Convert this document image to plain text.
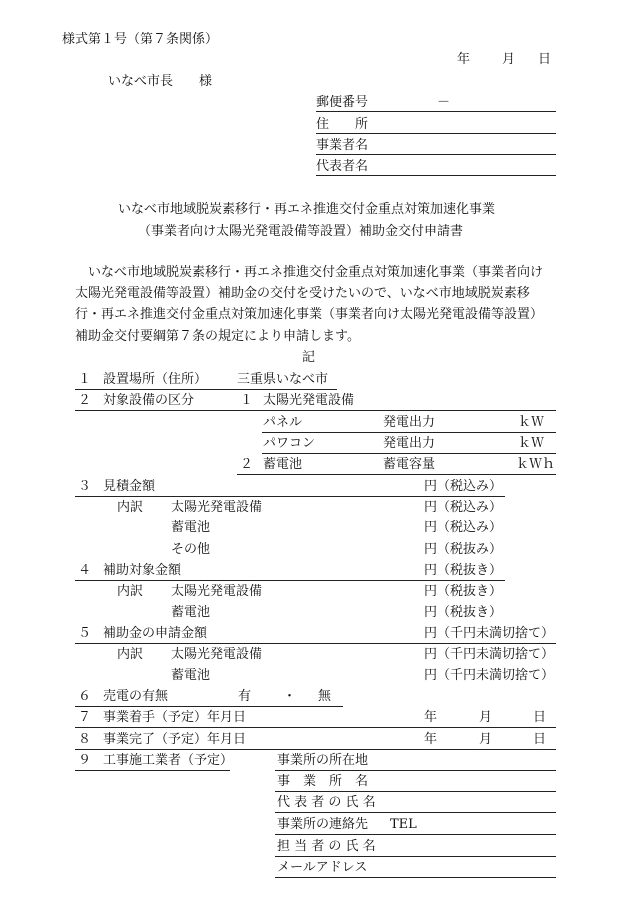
様式第１号（第７条関係）
年 月 日
いなべ市長　　様
郵便番号	－
住　　所
事業者名
代表者名
いなべ市地域脱炭素移行・再エネ推進交付金重点対策加速化事業
（事業者向け太陽光発電設備等設置）補助金交付申請書
　いなべ市地域脱炭素移行・再エネ推進交付金重点対策加速化事業（事業者向け
太陽光発電設備等設置）補助金の交付を受けたいので、いなべ市地域脱炭素移
行・再エネ推進交付金重点対策加速化事業（事業者向け太陽光発電設備等設置）
補助金交付要綱第７条の規定により申請します。
記
１ 設置場所（住所） 三重県いなべ市
２ 対象設備の区分	１ 太陽光発電設備
パネル	発電出力	ｋＷ
パワコン	発電出力	ｋＷ
２ 蓄電池	蓄電容量	ｋＷｈ
３ 見積金額	円（税込み）
内訳 太陽光発電設備	円（税込み）
蓄電池	円（税込み）
その他	円（税抜み）
４ 補助対象金額	円（税抜き）
内訳 太陽光発電設備	円（税抜き）
蓄電池	円（税抜き）
５ 補助金の申請金額	円（千円未満切捨て）
内訳 太陽光発電設備	円（千円未満切捨て）
蓄電池	円（千円未満切捨て）
６ 売電の有無	有 ・ 無
７ 事業着手（予定）年月日	年	月	日
８ 事業完了（予定）年月日	年	月	日
９ 工事施工業者（予定）	事業所の所在地
事　業　所　名
代 表 者 の 氏 名
事業所の連絡先 TEL
担 当 者 の 氏 名
メールアドレス
